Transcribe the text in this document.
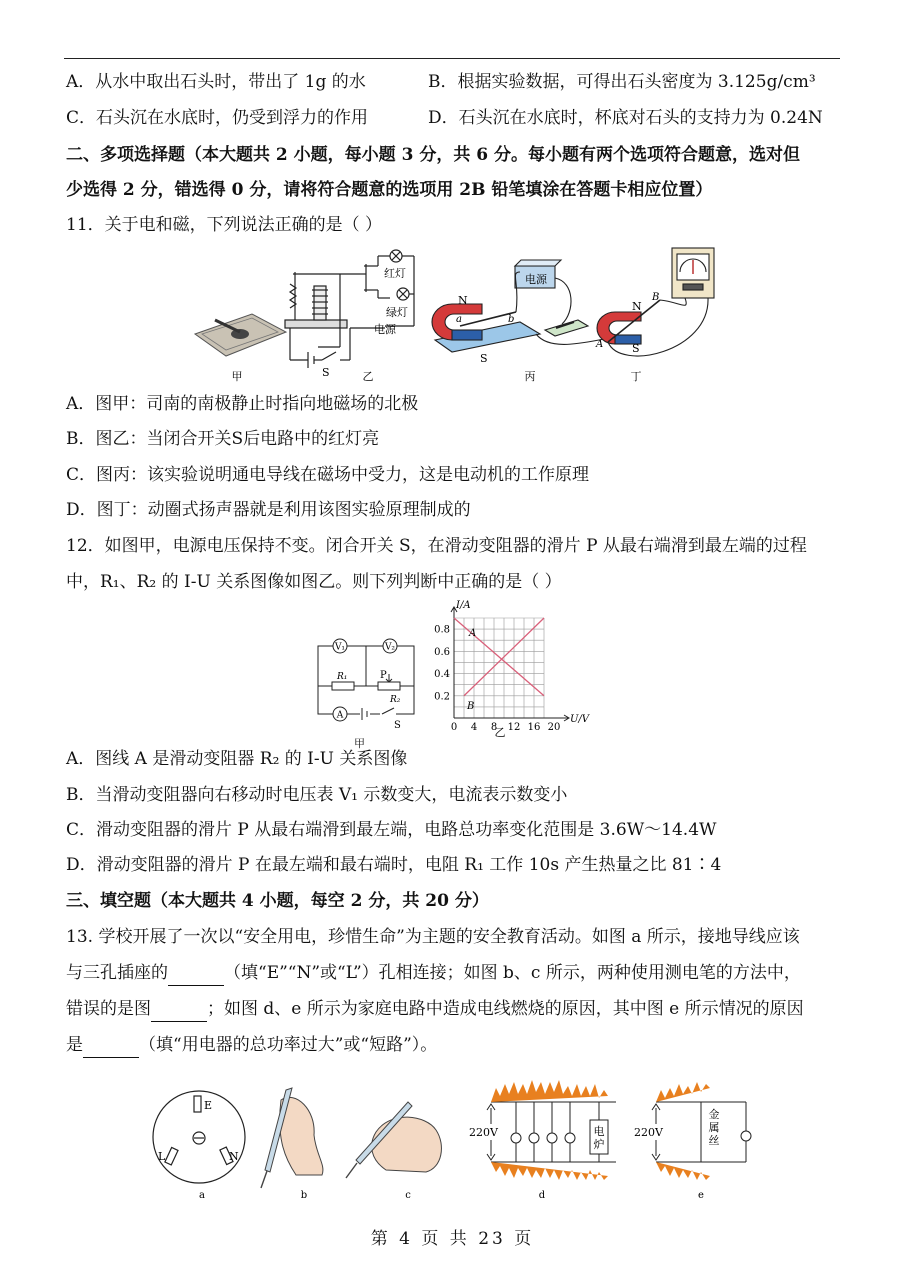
A．从水中取出石头时，带出了 1g 的水	B．根据实验数据，可得出石头密度为 3.125g/cm³
C．石头沉在水底时，仍受到浮力的作用	D．石头沉在水底时，杯底对石头的支持力为 0.24N
二、多项选择题（本大题共 2 小题，每小题 3 分，共 6 分。每小题有两个选项符合题意，选对但
少选得 2 分，错选得 0 分，请将符合题意的选项用 2B 铅笔填涂在答题卡相应位置）
11．关于电和磁，下列说法正确的是（ ）
甲
红灯
绿灯
电源
S	乙
电源
N
a	b
S
丙
N
B
A	S
丁
A．图甲：司南的南极静止时指向地磁场的北极
B．图乙：当闭合开关S后电路中的红灯亮
C．图丙：该实验说明通电导线在磁场中受力，这是电动机的工作原理
D．图丁：动圈式扬声器就是利用该图实验原理制成的
12．如图甲，电源电压保持不变。闭合开关 S，在滑动变阻器的滑片 P 从最右端滑到最左端的过程
中，R₁、R₂ 的 I-U 关系图像如图乙。则下列判断中正确的是（ ）
V₁	V₂
R₁	P
R₂
A
S
甲
0 4 8 12 16 20
0.2
0.4
0.6
0.8
I/A
U/V
A
B
乙
A．图线 A 是滑动变阻器 R₂ 的 I-U 关系图像
B．当滑动变阻器向右移动时电压表 V₁ 示数变大，电流表示数变小
C．滑动变阻器的滑片 P 从最右端滑到最左端，电路总功率变化范围是 3.6W～14.4W
D．滑动变阻器的滑片 P 在最左端和最右端时，电阻 R₁ 工作 10s 产生热量之比 81∶4
三、填空题（本大题共 4 小题，每空 2 分，共 20 分）
13. 学校开展了一次以“安全用电，珍惜生命”为主题的安全教育活动。如图 a 所示，接地导线应该
与三孔插座的	（填“E”“N”或“L”）孔相连接；如图 b、c 所示，两种使用测电笔的方法中，
错误的是图	；如图 d、e 所示为家庭电路中造成电线燃烧的原因，其中图 e 所示情况的原因
是	（填“用电器的总功率过大”或“短路”）。
E
L	N
a	b	c
220V
d
220V
e
电
炉
金
属
丝
第 4 页 共 23 页
